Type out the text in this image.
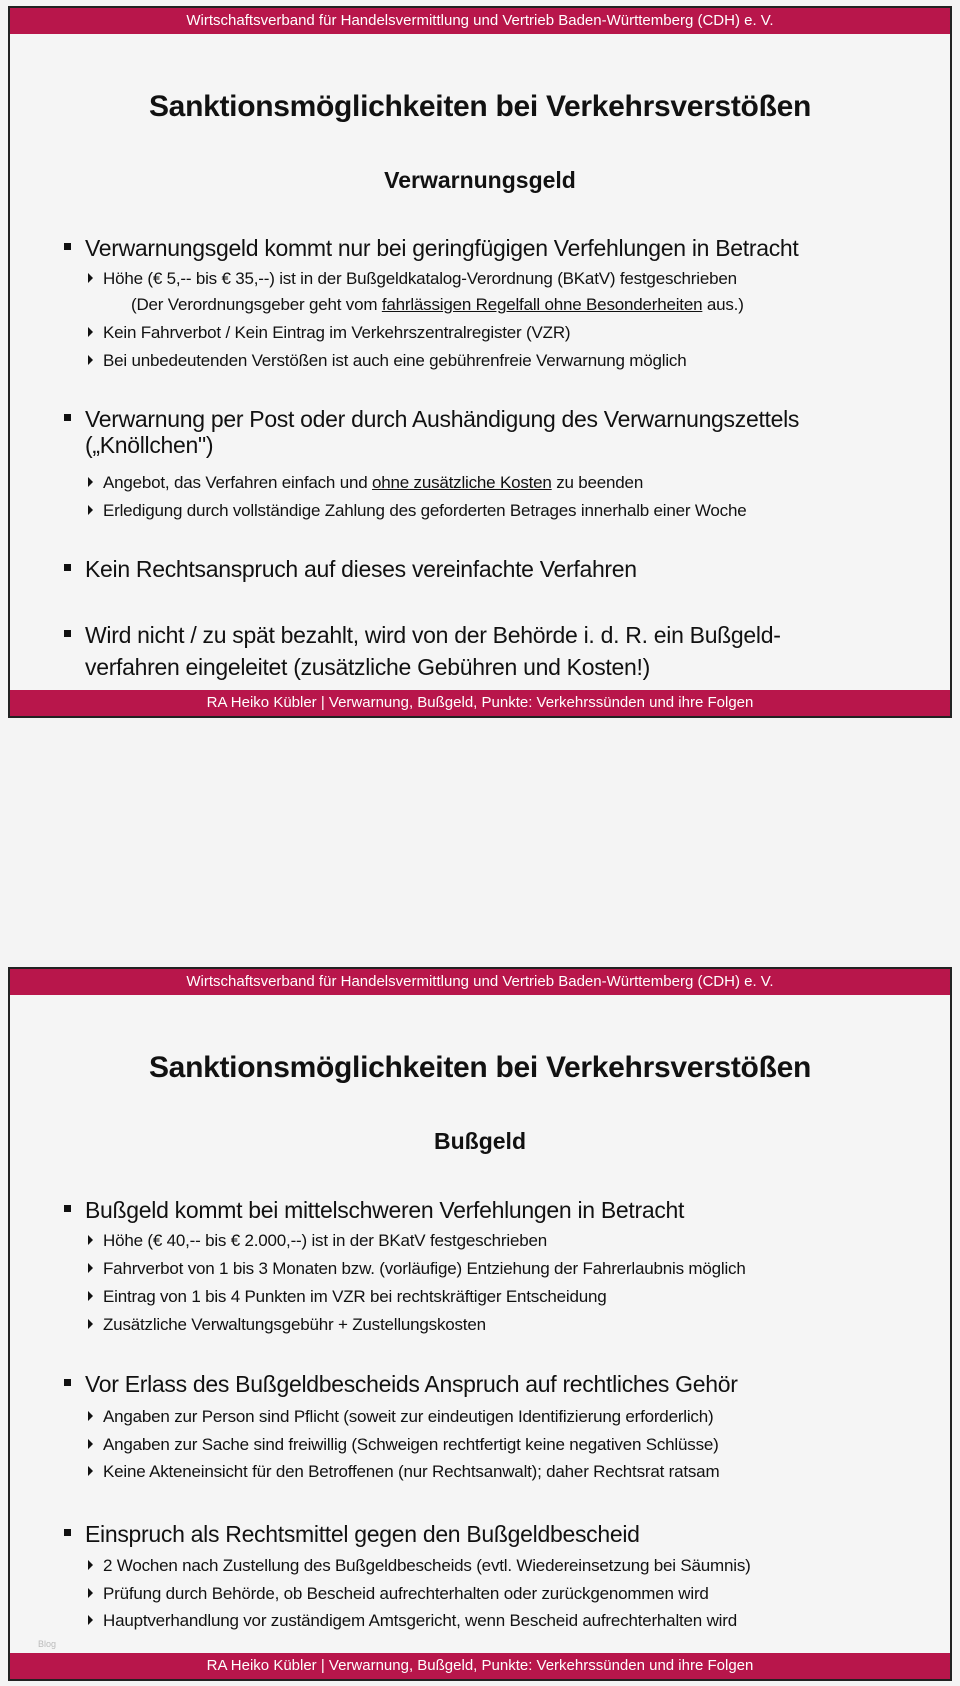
Wirtschaftsverband für Handelsvermittlung und Vertrieb Baden-Württemberg (CDH) e. V.
Sanktionsmöglichkeiten bei Verkehrsverstößen
Verwarnungsgeld
Verwarnungsgeld kommt nur bei geringfügigen Verfehlungen in Betracht
Höhe (€ 5,-- bis € 35,--) ist in der Bußgeldkatalog-Verordnung (BKatV) festgeschrieben
(Der Verordnungsgeber geht vom fahrlässigen Regelfall ohne Besonderheiten aus.)
Kein Fahrverbot / Kein Eintrag im Verkehrszentralregister (VZR)
Bei unbedeutenden Verstößen ist auch eine gebührenfreie Verwarnung möglich
Verwarnung per Post oder durch Aushändigung des Verwarnungszettels
(„Knöllchen")
Angebot, das Verfahren einfach und ohne zusätzliche Kosten zu beenden
Erledigung durch vollständige Zahlung des geforderten Betrages innerhalb einer Woche
Kein Rechtsanspruch auf dieses vereinfachte Verfahren
Wird nicht / zu spät bezahlt, wird von der Behörde i. d. R. ein Bußgeld-
verfahren eingeleitet (zusätzliche Gebühren und Kosten!)
RA Heiko Kübler | Verwarnung, Bußgeld, Punkte: Verkehrssünden und ihre Folgen
Wirtschaftsverband für Handelsvermittlung und Vertrieb Baden-Württemberg (CDH) e. V.
Sanktionsmöglichkeiten bei Verkehrsverstößen
Bußgeld
Bußgeld kommt bei mittelschweren Verfehlungen in Betracht
Höhe (€ 40,-- bis € 2.000,--) ist in der BKatV festgeschrieben
Fahrverbot von 1 bis 3 Monaten bzw. (vorläufige) Entziehung der Fahrerlaubnis möglich
Eintrag von 1 bis 4 Punkten im VZR bei rechtskräftiger Entscheidung
Zusätzliche Verwaltungsgebühr + Zustellungskosten
Vor Erlass des Bußgeldbescheids Anspruch auf rechtliches Gehör
Angaben zur Person sind Pflicht (soweit zur eindeutigen Identifizierung erforderlich)
Angaben zur Sache sind freiwillig (Schweigen rechtfertigt keine negativen Schlüsse)
Keine Akteneinsicht für den Betroffenen (nur Rechtsanwalt); daher Rechtsrat ratsam
Einspruch als Rechtsmittel gegen den Bußgeldbescheid
2 Wochen nach Zustellung des Bußgeldbescheids (evtl. Wiedereinsetzung bei Säumnis)
Prüfung durch Behörde, ob Bescheid aufrechterhalten oder zurückgenommen wird
Hauptverhandlung vor zuständigem Amtsgericht, wenn Bescheid aufrechterhalten wird
Blog
RA Heiko Kübler | Verwarnung, Bußgeld, Punkte: Verkehrssünden und ihre Folgen
